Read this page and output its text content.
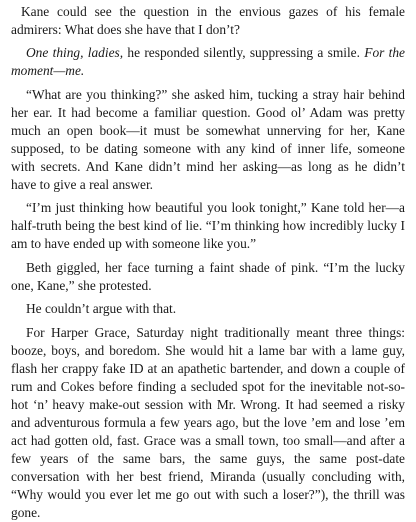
Kane could see the question in the envious gazes of his female admirers: What does she have that I don’t?

One thing, ladies, he responded silently, suppressing a smile. For the moment—me.

“What are you thinking?” she asked him, tucking a stray hair behind her ear. It had become a familiar question. Good ol’ Adam was pretty much an open book—it must be somewhat unnerving for her, Kane supposed, to be dating someone with any kind of inner life, someone with secrets. And Kane didn’t mind her asking—as long as he didn’t have to give a real answer.

“I’m just thinking how beautiful you look tonight,” Kane told her—a half-truth being the best kind of lie. “I’m thinking how incredibly lucky I am to have ended up with someone like you.”

Beth giggled, her face turning a faint shade of pink. “I’m the lucky one, Kane,” she protested.

He couldn’t argue with that.

For Harper Grace, Saturday night traditionally meant three things: booze, boys, and boredom. She would hit a lame bar with a lame guy, flash her crappy fake ID at an apathetic bartender, and down a couple of rum and Cokes before finding a secluded spot for the inevitable not-so-hot ‘n’ heavy make-out session with Mr. Wrong. It had seemed a risky and adventurous formula a few years ago, but the love ’em and lose ’em act had gotten old, fast. Grace was a small town, too small—and after a few years of the same bars, the same guys, the same post-date conversation with her best friend, Miranda (usually concluding with, “Why would you ever let me go out with such a loser?”), the thrill was gone.
